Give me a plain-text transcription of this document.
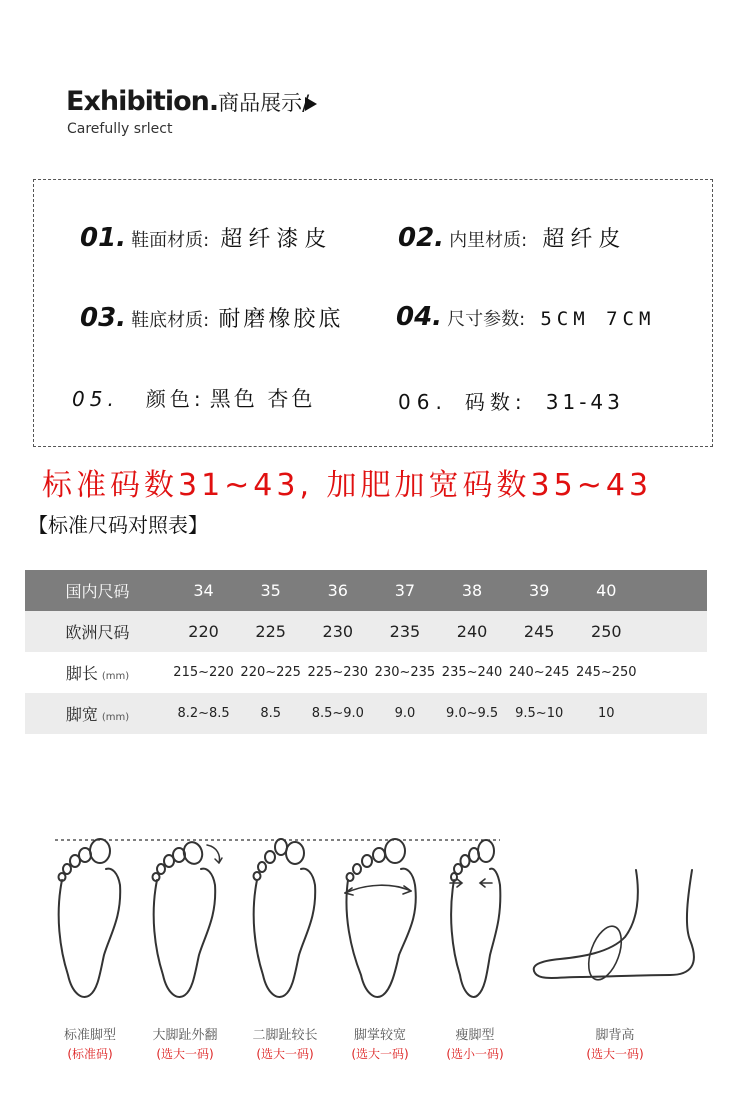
Exhibition.商品展示/
Carefully srlect
01. 鞋面材质: 超纤漆皮	02. 内里材质: 超纤皮
03. 鞋底材质: 耐磨橡胶底 04. 尺寸参数: 5CM 7CM
05. 颜色: 黑色 杏色	06. 码数: 31-43
标准码数31~43, 加肥加宽码数35~43
【标准尺码对照表】
国内尺码	34	35	36	37	38	39	40	
欧洲尺码	220	225	230	235	240	245	250	
脚长 (mm)	215~220	220~225	225~230	230~235	235~240	240~245	245~250	
脚宽 (mm)	8.2~8.5	8.5	8.5~9.0	9.0	9.0~9.5	9.5~10	10	
标准脚型
(标准码)
大脚趾外翻
(选大一码)
二脚趾较长
(选大一码)
脚掌较宽
(选大一码)
瘦脚型
(选小一码)
脚背高
(选大一码)
